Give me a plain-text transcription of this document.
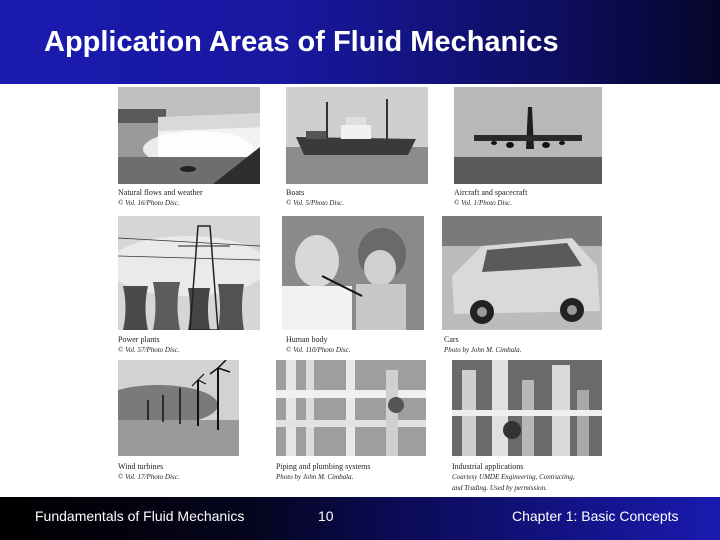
Application Areas of Fluid Mechanics
Natural flows and weather
© Vol. 16/Photo Disc.
Boats
© Vol. 5/Photo Disc.
Aircraft and spacecraft
© Vol. 1/Photo Disc.
Power plants
© Vol. 57/Photo Disc.
Human body
© Vol. 110/Photo Disc.
Cars
Photo by John M. Cimbala.
Wind turbines
© Vol. 17/Photo Disc.
Piping and plumbing systems
Photo by John M. Cimbala.
Industrial applications
Courtesy UMDE Engineering, Contracting,
and Trading. Used by permission.
Fundamentals of Fluid Mechanics	10	Chapter 1: Basic Concepts
